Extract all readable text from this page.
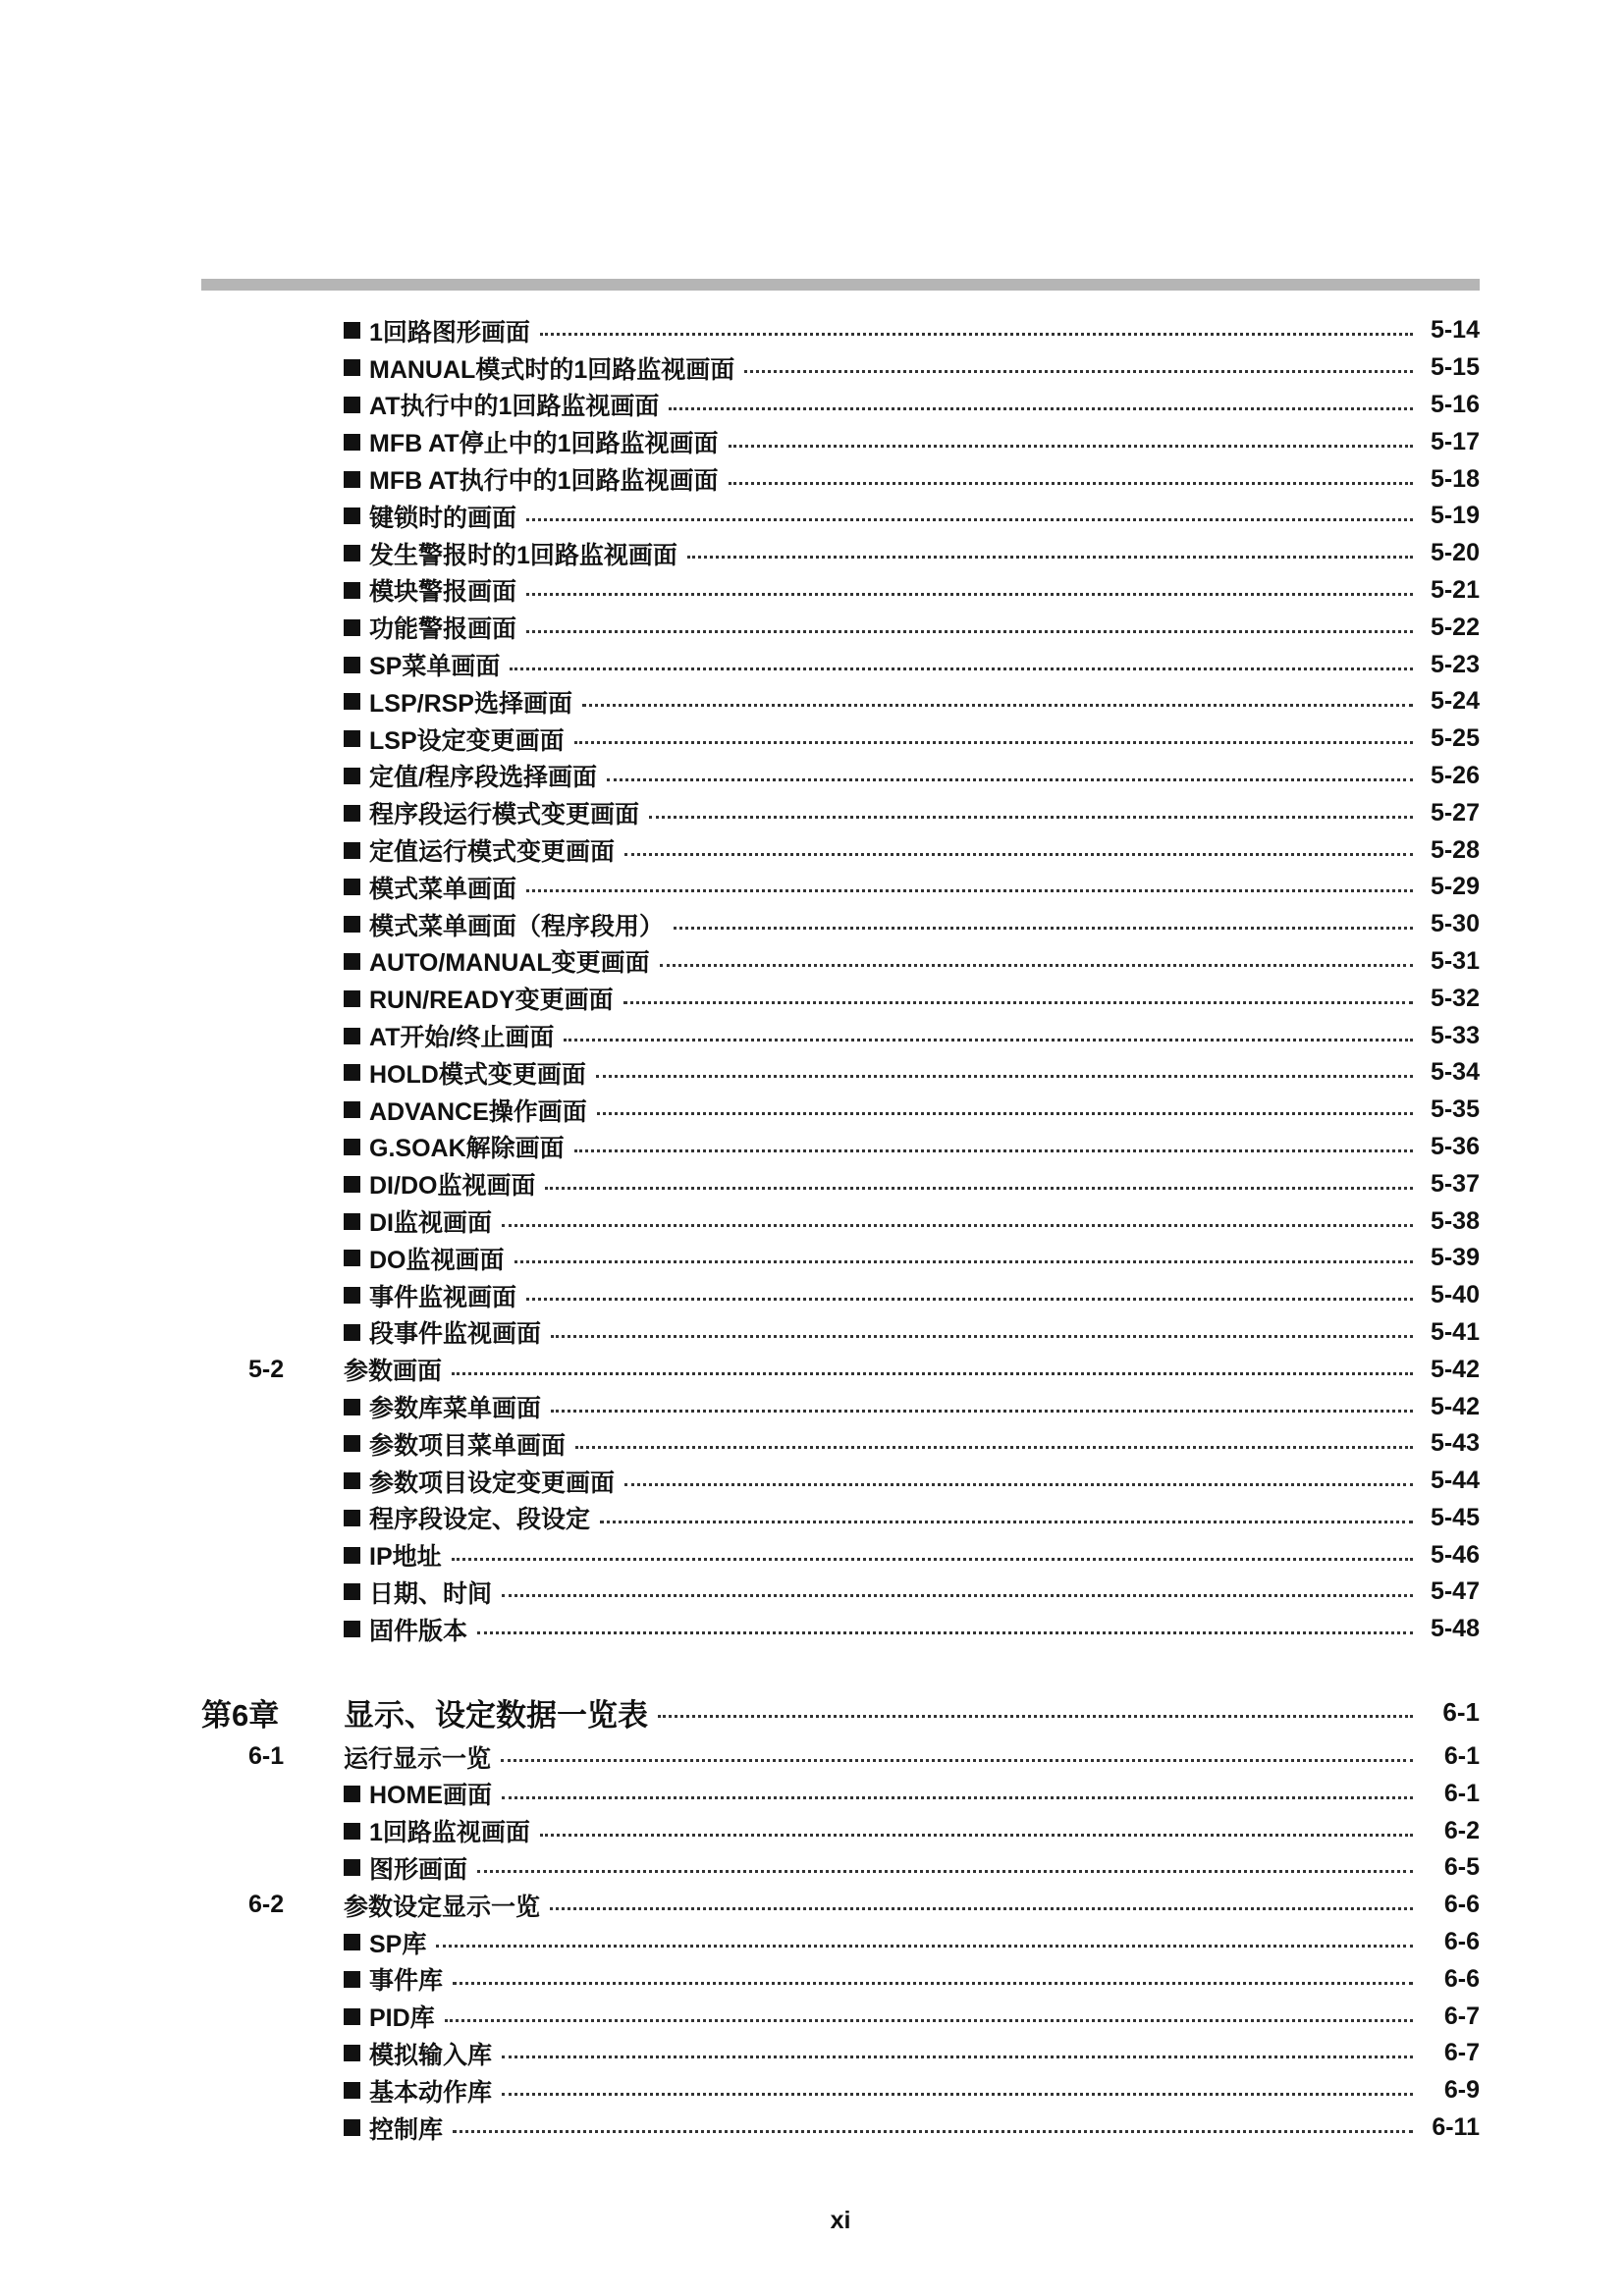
1回路图形画面	5-14
MANUAL模式时的1回路监视画面	5-15
AT执行中的1回路监视画面	5-16
MFB AT停止中的1回路监视画面	5-17
MFB AT执行中的1回路监视画面	5-18
键锁时的画面	5-19
发生警报时的1回路监视画面	5-20
模块警报画面	5-21
功能警报画面	5-22
SP菜单画面	5-23
LSP/RSP选择画面	5-24
LSP设定变更画面	5-25
定值/程序段选择画面	5-26
程序段运行模式变更画面	5-27
定值运行模式变更画面	5-28
模式菜单画面	5-29
模式菜单画面（程序段用）	5-30
AUTO/MANUAL变更画面	5-31
RUN/READY变更画面	5-32
AT开始/终止画面	5-33
HOLD模式变更画面	5-34
ADVANCE操作画面	5-35
G.SOAK解除画面	5-36
DI/DO监视画面	5-37
DI监视画面	5-38
DO监视画面	5-39
事件监视画面	5-40
段事件监视画面	5-41
5-2	参数画面	5-42
参数库菜单画面	5-42
参数项目菜单画面	5-43
参数项目设定变更画面	5-44
程序段设定、段设定	5-45
IP地址	5-46
日期、时间	5-47
固件版本	5-48
第6章	显示、设定数据一览表	6-1
6-1	运行显示一览	6-1
HOME画面	6-1
1回路监视画面	6-2
图形画面	6-5
6-2	参数设定显示一览	6-6
SP库	6-6
事件库	6-6
PID库	6-7
模拟输入库	6-7
基本动作库	6-9
控制库	6-11
xi
